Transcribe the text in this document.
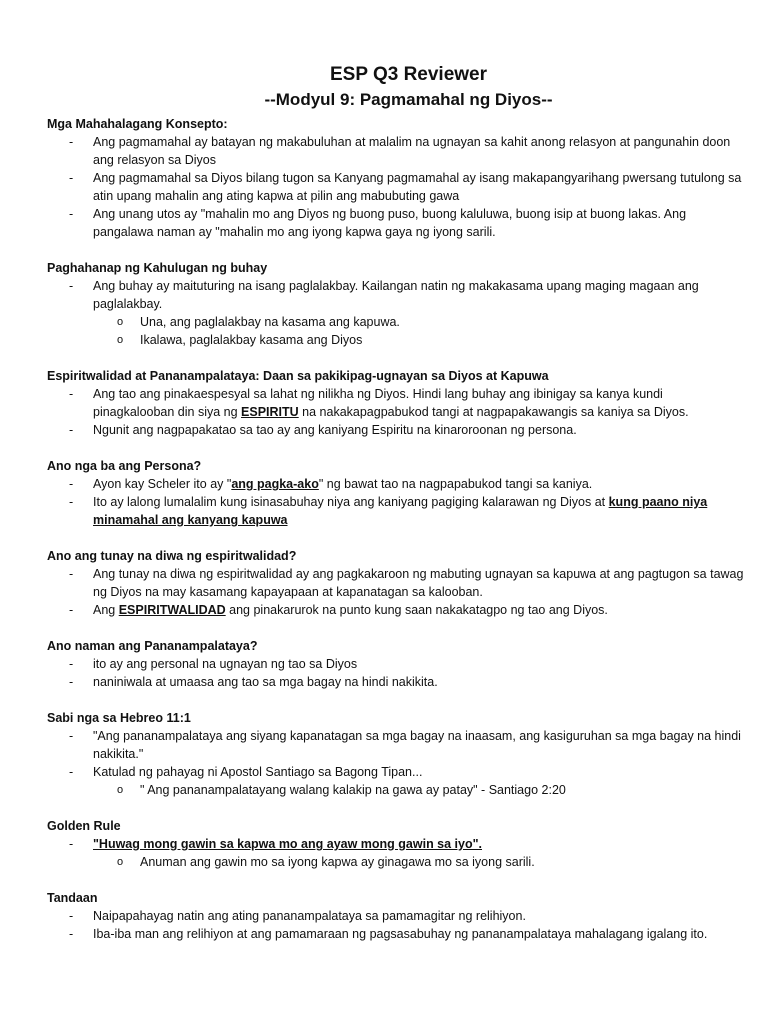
ESP Q3 Reviewer
--Modyul 9: Pagmamahal ng Diyos--
Mga Mahahalagang Konsepto:
- Ang pagmamahal ay batayan ng makabuluhan at malalim na ugnayan sa kahit anong relasyon at pangunahin doon ang relasyon sa Diyos
- Ang pagmamahal sa Diyos bilang tugon sa Kanyang pagmamahal ay isang makapangyarihang pwersang tutulong sa atin upang mahalin ang ating kapwa at pilin ang mabubuting gawa
- Ang unang utos ay "mahalin mo ang Diyos ng buong puso, buong kaluluwa, buong isip at buong lakas. Ang pangalawa naman ay "mahalin mo ang iyong kapwa gaya ng iyong sarili.
Paghahanap ng Kahulugan ng buhay
- Ang buhay ay maituturing na isang paglalakbay. Kailangan natin ng makakasama upang maging magaan ang paglalakbay.
o Una, ang paglalakbay na kasama ang kapuwa.
o Ikalawa, paglalakbay kasama ang Diyos
Espiritwalidad at Pananampalataya: Daan sa pakikipag-ugnayan sa Diyos at Kapuwa
- Ang tao ang pinakaespesyal sa lahat ng nilikha ng Diyos. Hindi lang buhay ang ibinigay sa kanya kundi pinagkalooban din siya ng ESPIRITU na nakakapagpabukod tangi at nagpapakawangis sa kaniya sa Diyos.
- Ngunit ang nagpapakatao sa tao ay ang kaniyang Espiritu na kinaroroonan ng persona.
Ano nga ba ang Persona?
- Ayon kay Scheler ito ay "ang pagka-ako" ng bawat tao na nagpapabukod tangi sa kaniya.
- Ito ay lalong lumalalim kung isinasabuhay niya ang kaniyang pagiging kalarawan ng Diyos at kung paano niya minamahal ang kanyang kapuwa
Ano ang tunay na diwa ng espiritwalidad?
- Ang tunay na diwa ng espiritwalidad ay ang pagkakaroon ng mabuting ugnayan sa kapuwa at ang pagtugon sa tawag ng Diyos na may kasamang kapayapaan at kapanatagan sa kalooban.
- Ang ESPIRITWALIDAD ang pinakarurok na punto kung saan nakakatagpo ng tao ang Diyos.
Ano naman ang Pananampalataya?
- ito ay ang personal na ugnayan ng tao sa Diyos
- naniniwala at umaasa ang tao sa mga bagay na hindi nakikita.
Sabi nga sa Hebreo 11:1
- "Ang pananampalataya ang siyang kapanatagan sa mga bagay na inaasam, ang kasiguruhan sa mga bagay na hindi nakikita."
- Katulad ng pahayag ni Apostol Santiago sa Bagong Tipan...
o " Ang pananampalatayang walang kalakip na gawa ay patay" - Santiago 2:20
Golden Rule
- "Huwag mong gawin sa kapwa mo ang ayaw mong gawin sa iyo".
o Anuman ang gawin mo sa iyong kapwa ay ginagawa mo sa iyong sarili.
Tandaan
- Naipapahayag natin ang ating pananampalataya sa pamamagitar ng relihiyon.
- Iba-iba man ang relihiyon at ang pamamaraan ng pagsasabuhay ng pananampalataya mahalagang igalang ito.
